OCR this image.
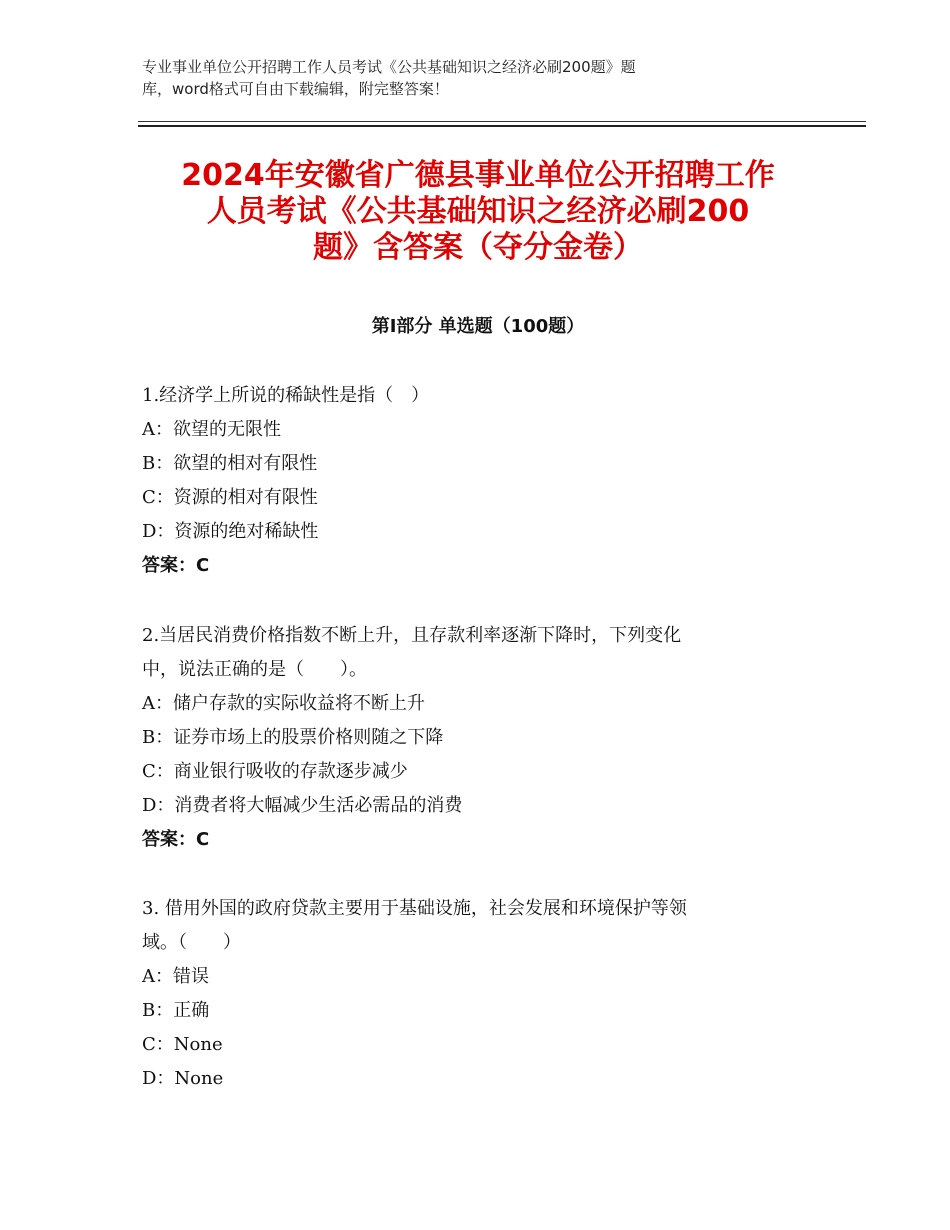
专业事业单位公开招聘工作人员考试《公共基础知识之经济必刷200题》题
库，word格式可自由下载编辑，附完整答案！
2024年安徽省广德县事业单位公开招聘工作
人员考试《公共基础知识之经济必刷200
题》含答案（夺分金卷）
第Ⅰ部分 单选题（100题）
1.经济学上所说的稀缺性是指（　）
A：欲望的无限性
B：欲望的相对有限性
C：资源的相对有限性
D：资源的绝对稀缺性
答案：C
2.当居民消费价格指数不断上升，且存款利率逐渐下降时，下列变化
中，说法正确的是（　　）。
A：储户存款的实际收益将不断上升
B：证券市场上的股票价格则随之下降
C：商业银行吸收的存款逐步减少
D：消费者将大幅减少生活必需品的消费
答案：C
3. 借用外国的政府贷款主要用于基础设施，社会发展和环境保护等领
域。（　　）
A：错误
B：正确
C：None
D：None
